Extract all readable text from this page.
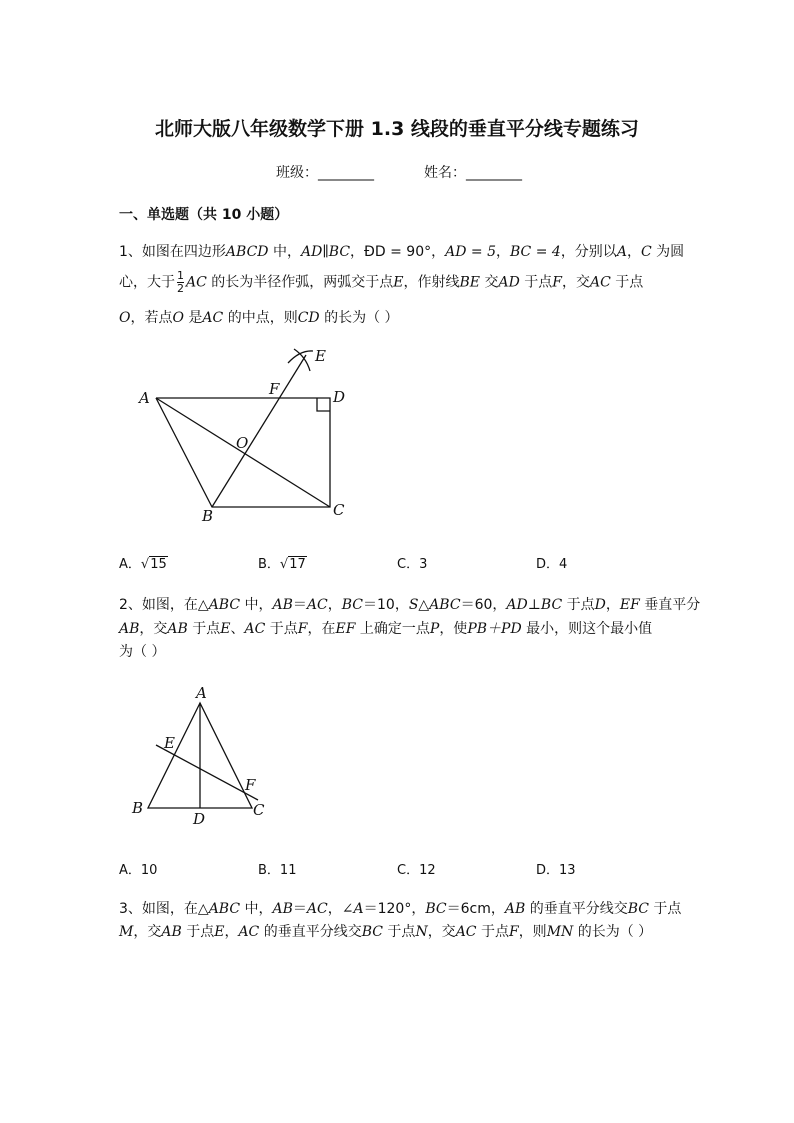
北师大版八年级数学下册 1.3 线段的垂直平分线专题练习
班级：________	姓名：________
一、单选题（共 10 小题）
1、如图在四边形ABCD 中，AD∥BC，ÐD = 90°，AD = 5，BC = 4，分别以A，C 为圆
心，大于 $\frac{1}{2}$ AC 的长为半径作弧，两弧交于点E，作射线BE 交AD 于点F，交AC 于点
O，若点O 是AC 的中点，则CD 的长为（ ）
A
B	C
D
E
F
O
A．√15	B．√17	C．3	D．4
2、如图，在△ABC 中，AB＝AC，BC＝10，S△ABC＝60，AD⊥BC 于点D，EF 垂直平分
AB，交AB 于点E、AC 于点F，在EF 上确定一点P，使PB＋PD 最小，则这个最小值
为（ ）
A
B	C
D
E
F
A．10	B．11	C．12	D．13
3、如图，在△ABC 中，AB＝AC，∠A＝120°，BC＝6cm，AB 的垂直平分线交BC 于点
M，交AB 于点E，AC 的垂直平分线交BC 于点N，交AC 于点F，则MN 的长为（ ）
